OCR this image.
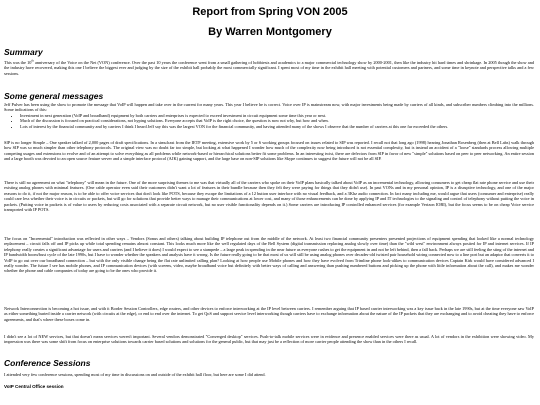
Report from Spring VON 2005
By Warren Montgomery
Summary

This was the 10th anniversary of the Voice on the Net (VON) conference. Over the past 10 years the conference went from a small gathering of hobbiests and academics to a major commercial technology show by 2000-2001, then like the industry hit hard times and shrinkage. In 2005 though the show and the industry have recovered, making this one I believe the biggest ever and judging by the size of the exhibit hall probably the most commercially significant. I spent most of my time in the exhibit hall meeting with potential customers and partners, and some time in keynote and perspective talks and a few sessions.

Some general messages

Jeff Pulver has been using the show to promote the message that VoIP will happen and take over in the current for many years. This year I believe he is correct. Voice over IP is mainstream now, with major investments being made by carriers of all kinds, and subscriber numbers climbing into the millions. Some indications of this:

• Investment in next generation (VoIP and broadband) equipment by both carriers and enterprises is expected to exceed investment in circuit equipment some time this year or next.
• Much of the discussion is focused on practical considerations, not hyping solutions. Everyone accepts that VoIP is the right choice, the question is now not why, but how and when.
• Lots of interest by the financial community and by carriers I think I heard Jeff say this was the largest VON for the financial community, and having attended many of the shows I observe that the number of carriers at this one far exceeded the others.

SIP is no longer Simple – One speaker talked of 2,000 pages of draft specifications. In a simulcast from the IETF meeting, extensive work by 5 or 6 working groups focused on issues related to SIP was reported. I recall not that long ago (1998) hearing Jonathan Rosenberg (then at Bell Labs) walk through how SIP was so much simpler than other telephony protocols. The original view was no doubt far too simple, but looking at what happened I wonder how much of the complexity now being introduced is not essential complexity, but is instead an accident of a "loose" standards process allowing multiple competing usages and extensions to evolve and of an attempt to solve everything as all problems while network-based or hierarchical solutions better fit some problems. In an interesting twist, there are defectors from SIP in favor of new "simple" solutions based on peer to peer networking. An entire session and a large booth was devoted to an open source feature server and a simple interface protocol (AJK) gaining support, and the large base on non-SIP solutions like Skype continues to suggest the future will not be all SIP.

There is still no agreement on what "telephony" will mean in the future. One of the more surprising themes to me was that virtually all of the carriers who spoke on their VoIP plans basically talked about VoIP as an incremental technology, allowing consumers to get cheap flat rate phone service and use their existing analog phones with minimal features. (One cable operator even said their customers didn't want a lot of features in their bundle because then they felt they were paying for things that they didn't use). In past VONs and in my personal opinion, IP is a disruptive technology, and one of the major reasons to do it, if not the major reason, is to be able to offer voice services that don't look like POTS, because they escape the limitations of a 12 button user interface with no visual feedback, and a 3Khz audio connection. In fact many including me, would argue that users (consumer and enterprise) really could care less whether their voice is in circuits or packets, but will go for solutions that provide better ways to manage their communications at lower cost, and many of those enhancements can be done by applying IP and IT technologies to the signaling and control of telephony without putting the voice in packets. (Putting voice in packets is of value to users by reducing costs associated with a separate circuit network, but no user visible functionality depends on it.) Some carriers are introducing IP controlled enhanced services (for example Verizon IOBI), but the focus seems to be on cheap Voice service transported with IP POTS.

The focus on "Incremental" introduction was reflected in other ways – Vendors (Sonus and others) talking about building IP telephone out from the middle of the network. At least two financial community presenters presented projections of equipment spending that looked like a normal technology replacement – circuit falls off and IP picks up while total spending remains almost constant. This looks much more like the well regulated days of the Bell System (digital transmission replacing analog slowly over time) than the "wild west" environment always posited for IP and internet services. If IP telephony really creates a significant advantage for users and carriers (and I believe it does) I would expect to see a stampede – a large peak in spending in the near future as everyone rushes to get the equipment in and not be left behind, then a fall back. Perhaps we are still feeling the sting of the internet and IP bandwidth boom/bust cycle of the late 1990s, but I have to wonder whether the speakers and analysts have it wrong. Is the future really going to be that most of us will still be using analog phones over decades-old twisted pair household wiring connected now to a line port but an adaptor that converts it to VoIP to go out over our broadband connection – but with the only visible change being the flat rate unlimited calling plan? Looking at how people use Mobile phones and how they have evolved from Trimline phone look-alikes to communication devices Captain Kirk would have considered advanced I really wonder. The future I see has mobile phones, and IP communication devices (with screens, video, maybe broadband voice but definitely with better ways of calling and answering than pushing numbered buttons and picking up the phone with little information about the call), and makes me wonder whether the phone and cable companies of today are going to be the ones who provide it.

Network Interconnection is becoming a hot issue, and with it Border Session Controllers, edge routers, and other devices to enforce interworking at the IP level between carriers. I remember arguing that IP based carrier interworking was a key issue back in the late 1990s, but at the time everyone saw VoIP as either something buried inside a carrier network (with circuits at the edge), or end to end over the internet. To get QoS and support service level interworking though carriers have to exchange information about the nature of the IP packets that they are exchanging and to avoid cheating they have to enforce agreements, and that's where these boxes come in.

I didn't see a lot of NEW services, but that doesn't mean services weren't important. Several vendors demonstrated "Converged desktop" services. Push-to-talk mobile services were in evidence and presence enabled services were there as usual. A lot of vendors in the exhibition were showing video. My impression was there was some shift from focus on enterprise solutions towards carrier based solutions and solutions for the general public, but that may just be a reflection of more carrier people attending the show than in the others I recall.

Conference Sessions

I attended very few conference sessions, spending most of my time in discussions on and outside of the exhibit hall floor, but here are some I did attend.

VoIP Central Office session
